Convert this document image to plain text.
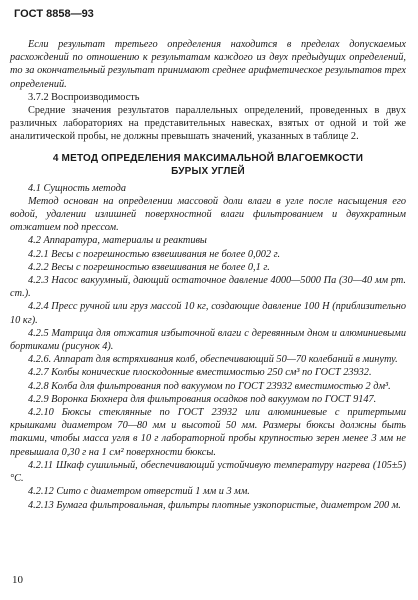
ГОСТ 8858—93

Если результат третьего определения находится в пределах допускаемых расхождений по отношению к результатам каждого из двух предыдущих определений, то за окончательный результат принимают среднее арифметическое результатов трех определений.

3.7.2 Воспроизводимость

Средние значения результатов параллельных определений, проведенных в двух различных лабораториях на представительных навесках, взятых от одной и той же аналитической пробы, не должны превышать значений, указанных в таблице 2.

4 МЕТОД ОПРЕДЕЛЕНИЯ МАКСИМАЛЬНОЙ ВЛАГОЕМКОСТИ
БУРЫХ УГЛЕЙ

4.1 Сущность метода

Метод основан на определении массовой доли влаги в угле после насыщения его водой, удалении излишней поверхностной влаги фильтрованием и двухкратным отжатием под прессом.

4.2 Аппаратура, материалы и реактивы

4.2.1 Весы с погрешностью взвешивания не более 0,002 г.

4.2.2 Весы с погрешностью взвешивания не более 0,1 г.

4.2.3 Насос вакуумный, дающий остаточное давление 4000—5000 Па (30—40 мм рт. ст.).

4.2.4 Пресс ручной или груз массой 10 кг, создающие давление 100 Н (приблизительно 10 кг).

4.2.5 Матрица для отжатия избыточной влаги с деревянным дном и алюминиевыми бортиками (рисунок 4).

4.2.6. Аппарат для встряхивания колб, обеспечивающий 50—70 колебаний в минуту.

4.2.7 Колбы конические плоскодонные вместимостью 250 см³ по ГОСТ 23932.

4.2.8 Колба для фильтрования под вакуумом по ГОСТ 23932 вместимостью 2 дм³.

4.2.9 Воронка Бюхнера для фильтрования осадков под вакуумом по ГОСТ 9147.

4.2.10 Бюксы стеклянные по ГОСТ 23932 или алюминиевые с притертыми крышками диаметром 70—80 мм и высотой 50 мм. Размеры бюксы должны быть такими, чтобы масса угля в 10 г лабораторной пробы крупностью зерен менее 3 мм не превышала 0,30 г на 1 см² поверхности бюксы.

4.2.11 Шкаф сушильный, обеспечивающий устойчивую температуру нагрева (105±5)°С.

4.2.12 Сито с диаметром отверстий 1 мм и 3 мм.

4.2.13 Бумага фильтровальная, фильтры плотные узкопористые, диаметром 200 м.

10
